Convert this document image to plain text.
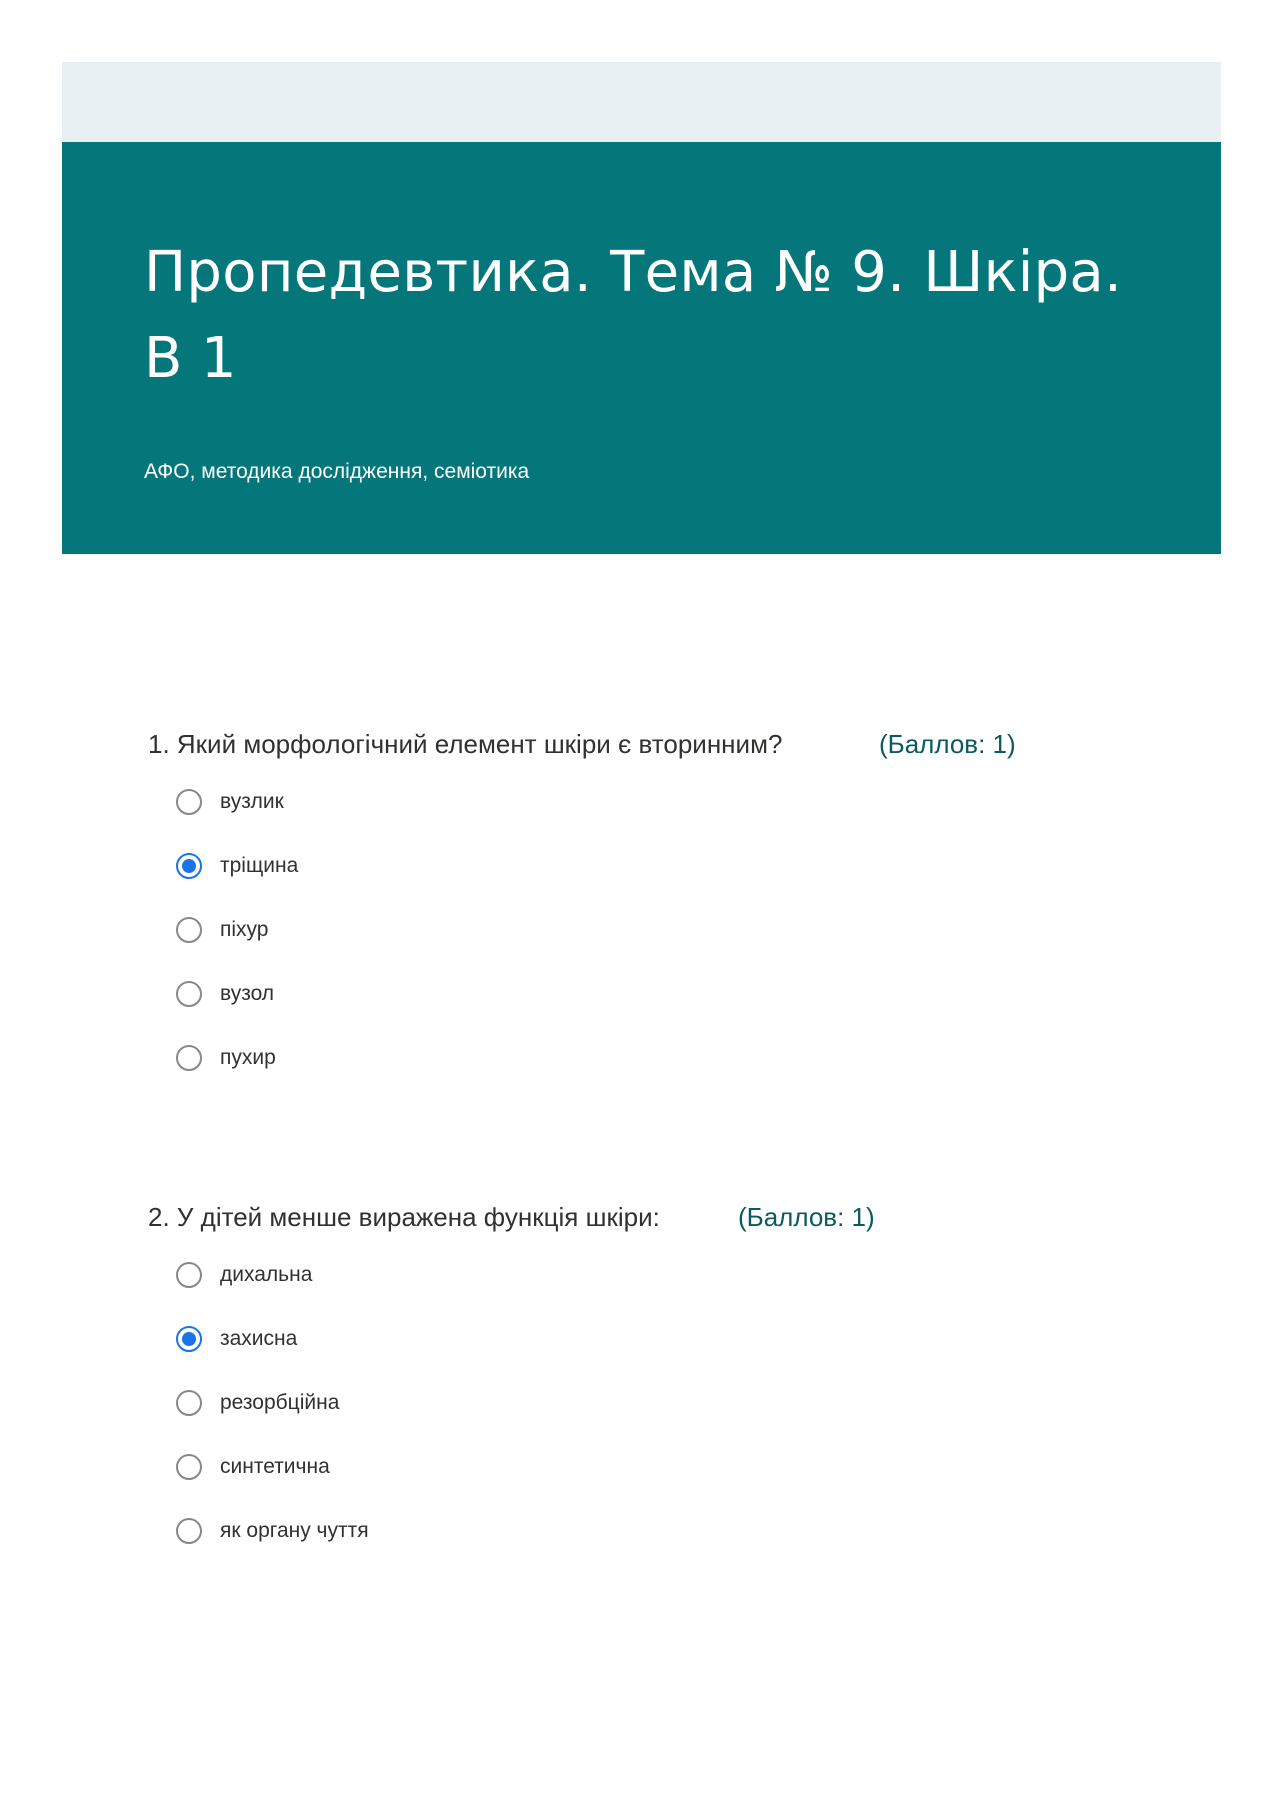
Пропедевтика. Тема № 9. Шкіра. В 1
АФО, методика дослідження, семіотика
1. Який морфологічний елемент шкіри є вторинним?	(Баллов: 1)
вузлик
тріщина
піхур
вузол
пухир
2. У дітей менше виражена функція шкіри:	(Баллов: 1)
дихальна
захисна
резорбційна
синтетична
як органу чуття
